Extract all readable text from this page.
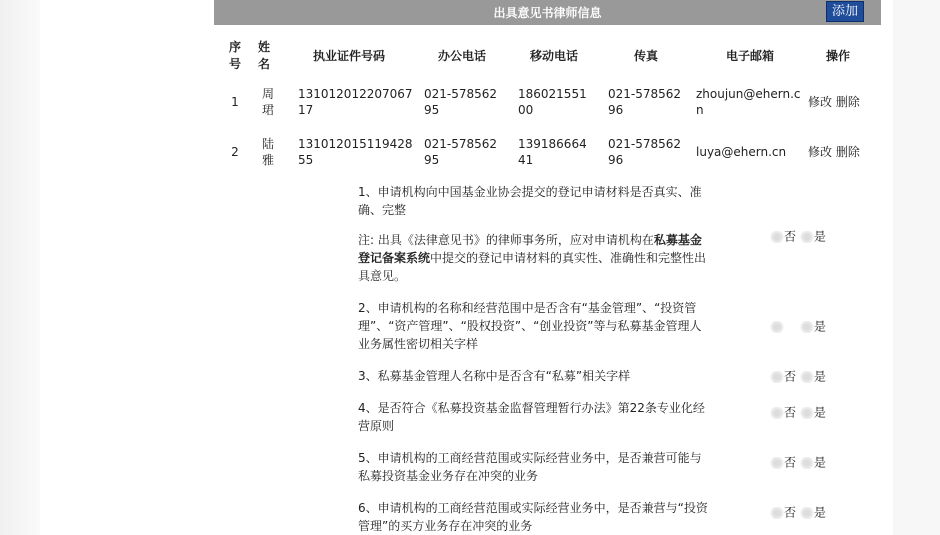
出具意见书律师信息	添加
序号	姓名	执业证件号码	办公电话	移动电话	传真	电子邮箱	操作
1	周珺	13101201220706717	021-57856295	18602155100	021-57856296	zhoujun@ehern.cn	修改 删除
2	陆雅	13101201511942855	021-57856295	13918666441	021-57856296	luya@ehern.cn	修改 删除
1、申请机构向中国基金业协会提交的登记申请材料是否真实、准确、完整
注: 出具《法律意见书》的律师事务所，应对申请机构在私募基金登记备案系统中提交的登记申请材料的真实性、准确性和完整性出具意见。
否 是
2、申请机构的名称和经营范围中是否含有“基金管理”、“投资管理”、“资产管理”、“股权投资”、“创业投资”等与私募基金管理人业务属性密切相关字样
否 是
3、私募基金管理人名称中是否含有“私募”相关字样	否 是
4、是否符合《私募投资基金监督管理暂行办法》第22条专业化经营原则
否 是
5、申请机构的工商经营范围或实际经营业务中，是否兼营可能与私募投资基金业务存在冲突的业务
否 是
6、申请机构的工商经营范围或实际经营业务中，是否兼营与“投资管理”的买方业务存在冲突的业务
否 是
